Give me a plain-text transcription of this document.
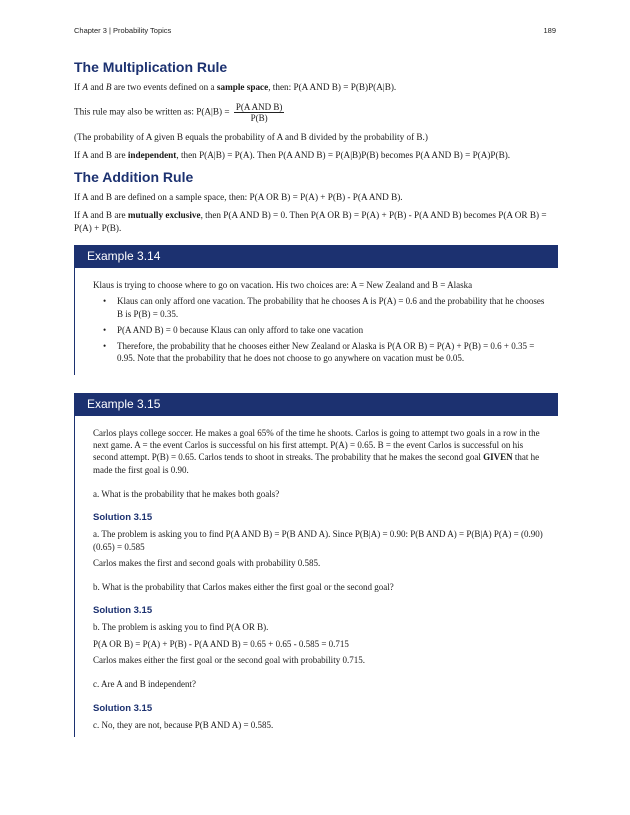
Chapter 3 | Probability Topics	189
The Multiplication Rule

If A and B are two events defined on a sample space, then: P(A AND B) = P(B)P(A|B).

This rule may also be written as: $P(A|B) = \frac{\text{P(A AND B)}}{P(B)}$

(The probability of A given B equals the probability of A and B divided by the probability of B.)

If A and B are independent, then P(A|B) = P(A). Then P(A AND B) = P(A|B)P(B) becomes P(A AND B) = P(A)P(B).

The Addition Rule

If A and B are defined on a sample space, then: P(A OR B) = P(A) + P(B) - P(A AND B).

If A and B are mutually exclusive, then P(A AND B) = 0. Then P(A OR B) = P(A) + P(B) - P(A AND B) becomes P(A OR B) = P(A) + P(B).

Example 3.14

Klaus is trying to choose where to go on vacation. His two choices are: A = New Zealand and B = Alaska

• Klaus can only afford one vacation. The probability that he chooses A is P(A) = 0.6 and the probability that he chooses B is P(B) = 0.35.
• P(A AND B) = 0 because Klaus can only afford to take one vacation
• Therefore, the probability that he chooses either New Zealand or Alaska is P(A OR B) = P(A) + P(B) = 0.6 + 0.35 = 0.95. Note that the probability that he does not choose to go anywhere on vacation must be 0.05.
Example 3.15

Carlos plays college soccer. He makes a goal 65% of the time he shoots. Carlos is going to attempt two goals in a row in the next game. A = the event Carlos is successful on his first attempt. P(A) = 0.65. B = the event Carlos is successful on his second attempt. P(B) = 0.65. Carlos tends to shoot in streaks. The probability that he makes the second goal GIVEN that he made the first goal is 0.90.

a. What is the probability that he makes both goals?

Solution 3.15

a. The problem is asking you to find P(A AND B) = P(B AND A). Since P(B|A) = 0.90: P(B AND A) = P(B|A) P(A) = (0.90)(0.65) = 0.585

Carlos makes the first and second goals with probability 0.585.

b. What is the probability that Carlos makes either the first goal or the second goal?

Solution 3.15

b. The problem is asking you to find P(A OR B).

P(A OR B) = P(A) + P(B) - P(A AND B) = 0.65 + 0.65 - 0.585 = 0.715

Carlos makes either the first goal or the second goal with probability 0.715.

c. Are A and B independent?

Solution 3.15

c. No, they are not, because P(B AND A) = 0.585.
